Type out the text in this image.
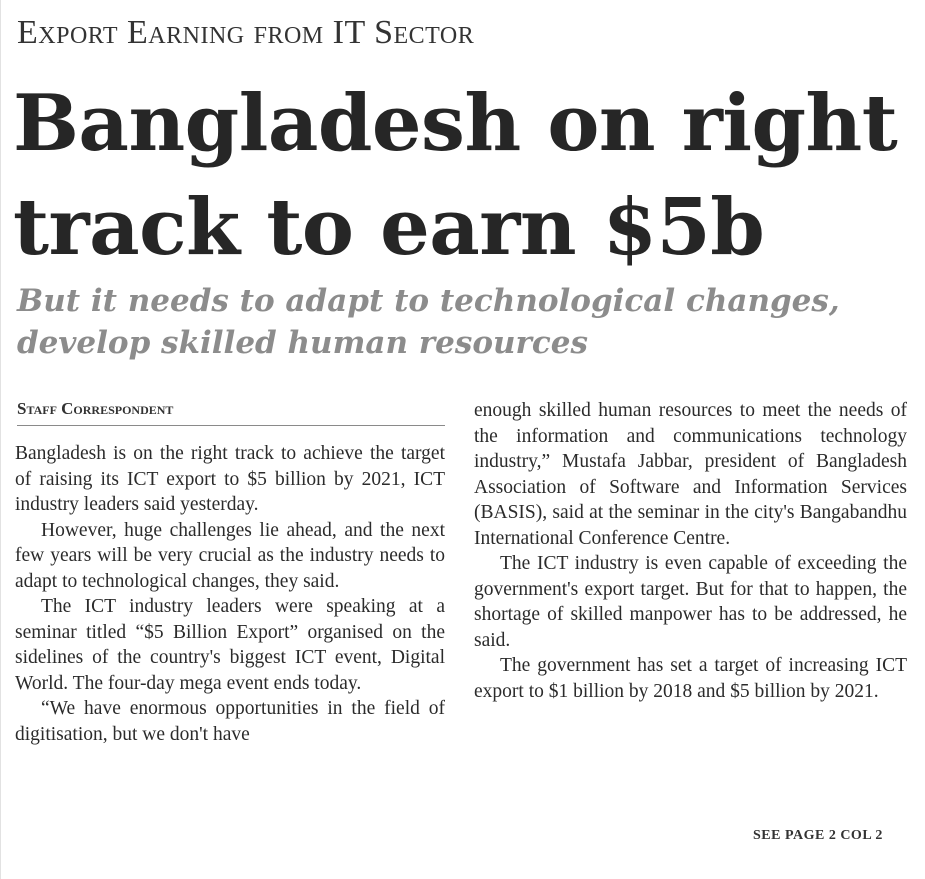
Export Earning from IT Sector
Bangladesh on right
track to earn $5b
But it needs to adapt to technological changes,
develop skilled human resources
Staff Correspondent

Bangladesh is on the right track to achieve the target of raising its ICT export to $5 billion by 2021, ICT industry leaders said yesterday.

However, huge challenges lie ahead, and the next few years will be very crucial as the industry needs to adapt to technological changes, they said.

The ICT industry leaders were speaking at a seminar titled “$5 Billion Export” organised on the sidelines of the country's biggest ICT event, Digital World. The four-day mega event ends today.

“We have enormous opportunities in the field of digitisation, but we don't have

enough skilled human resources to meet the needs of the information and communications technology industry,” Mustafa Jabbar, president of Bangladesh Association of Software and Information Services (BASIS), said at the seminar in the city's Bangabandhu International Conference Centre.

The ICT industry is even capable of exceeding the government's export target. But for that to happen, the shortage of skilled manpower has to be addressed, he said.

The government has set a target of increasing ICT export to $1 billion by 2018 and $5 billion by 2021.

SEE PAGE 2 COL 2
